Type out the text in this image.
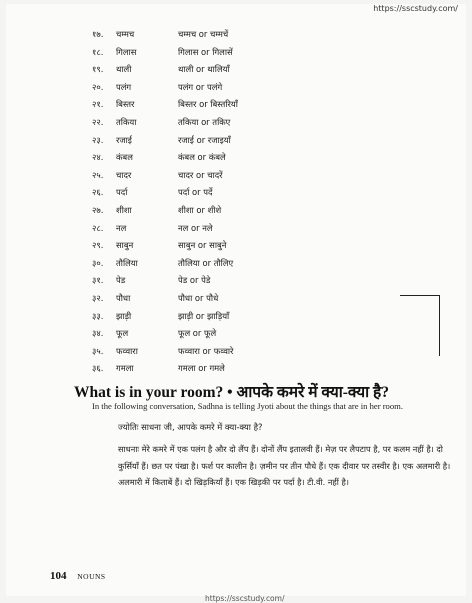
https://sscstudy.com/
१७.	चम्मच	चम्मच or चम्मचें
१८.	गिलास	गिलास or गिलासें
१९.	थाली	थाली or थालियाँ
२०.	पलंग	पलंग or पलंगे
२१.	बिस्तर	बिस्तर or बिस्तरियाँ
२२.	तकिया	तकिया or तकिए
२३.	रजाई	रजाई or रजाइयाँ
२४.	कंबल	कंबल or कंबले
२५.	चादर	चादर or चादरें
२६.	पर्दा	पर्दा or पर्दे
२७.	शीशा	शीशा or शीशे
२८.	नल	नल or नले
२९.	साबुन	साबुन or साबुने
३०.	तौलिया	तौलिया or तौलिए
३१.	पेड	पेड or पेडे
३२.	पौधा	पौधा or पौधे
३३.	झाड़ी	झाड़ी or झाड़ियाँ
३४.	फूल	फूल or फूले
३५.	फव्वारा	फव्वारा or फव्वारे
३६.	गमला	गमला or गमले
What is in your room? • आपके कमरे में क्या-क्या है?
In the following conversation, Sadhna is telling Jyoti about the things that are in her room.
ज्योतिः साधना जी, आपके कमरे में क्या-क्या है?
साधनाः मेरे कमरे में एक पलंग है और दो लैंप हैं। दोनों लैंप इतालवी हैं। मेज़ पर लैपटाप है, पर कलम नहीं है। दो कुर्सियाँ हैं। छत पर पंखा है। फर्श पर कालीन है। ज़मीन पर तीन पौधे हैं। एक दीवार पर तस्वीर है। एक अलमारी है। अलमारी में किताबें हैं। दो खिड़कियाँ हैं। एक खिड़की पर पर्दा है। टी.वी. नहीं है।
104 NOUNS
https://sscstudy.com/
